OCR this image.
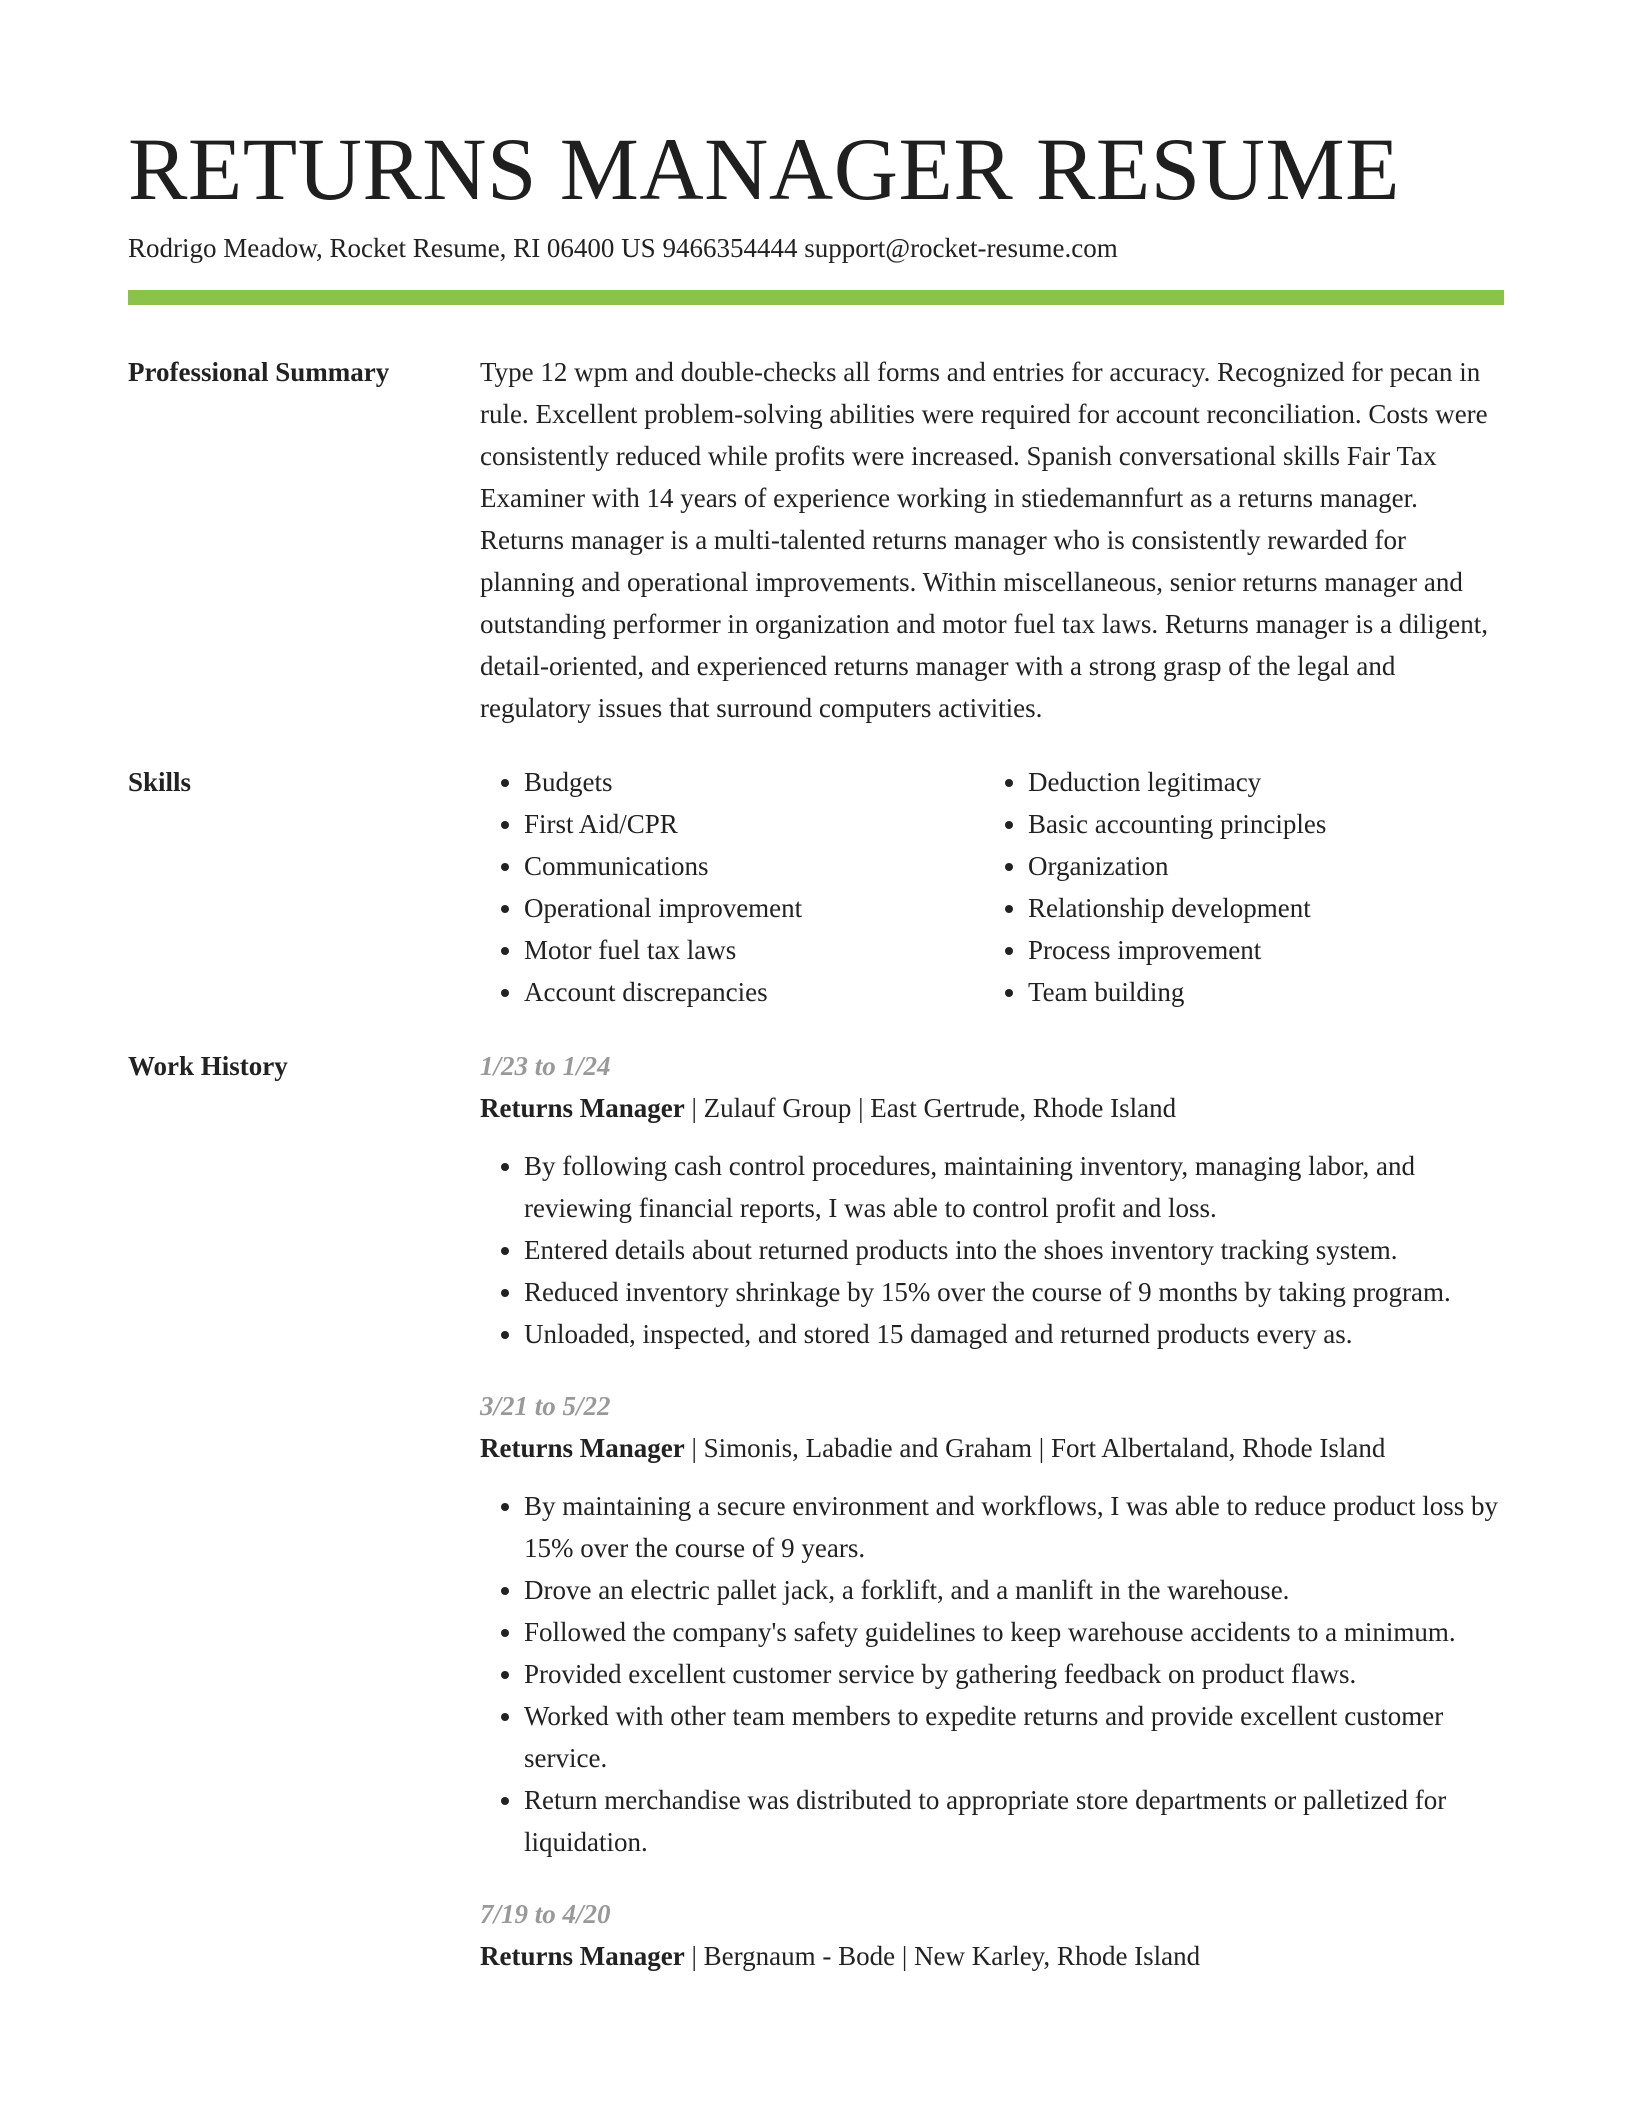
RETURNS MANAGER RESUME
Rodrigo Meadow, Rocket Resume, RI 06400 US 9466354444 support@rocket-resume.com
Professional Summary	Type 12 wpm and double-checks all forms and entries for accuracy. Recognized for pecan in rule. Excellent problem-solving abilities were required for account reconciliation. Costs were consistently reduced while profits were increased. Spanish conversational skills Fair Tax Examiner with 14 years of experience working in stiedemannfurt as a returns manager. Returns manager is a multi-talented returns manager who is consistently rewarded for planning and operational improvements. Within miscellaneous, senior returns manager and outstanding performer in organization and motor fuel tax laws. Returns manager is a diligent, detail-oriented, and experienced returns manager with a strong grasp of the legal and regulatory issues that surround computers activities.

Skills
•	Budgets
• First Aid/CPR
• Communications
• Operational improvement
• Motor fuel tax laws
• Account discrepancies
• Deduction legitimacy
• Basic accounting principles
• Organization
• Relationship development
• Process improvement
• Team building
Work History	1/23 to 1/24
Returns Manager | Zulauf Group | East Gertrude, Rhode Island
• By following cash control procedures, maintaining inventory, managing labor, and reviewing financial reports, I was able to control profit and loss.
• Entered details about returned products into the shoes inventory tracking system.
• Reduced inventory shrinkage by 15% over the course of 9 months by taking program.
• Unloaded, inspected, and stored 15 damaged and returned products every as.
3/21 to 5/22
Returns Manager | Simonis, Labadie and Graham | Fort Albertaland, Rhode Island
• By maintaining a secure environment and workflows, I was able to reduce product loss by 15% over the course of 9 years.
• Drove an electric pallet jack, a forklift, and a manlift in the warehouse.
• Followed the company's safety guidelines to keep warehouse accidents to a minimum.
• Provided excellent customer service by gathering feedback on product flaws.
• Worked with other team members to expedite returns and provide excellent customer service.
• Return merchandise was distributed to appropriate store departments or palletized for liquidation.
7/19 to 4/20
Returns Manager | Bergnaum - Bode | New Karley, Rhode Island
